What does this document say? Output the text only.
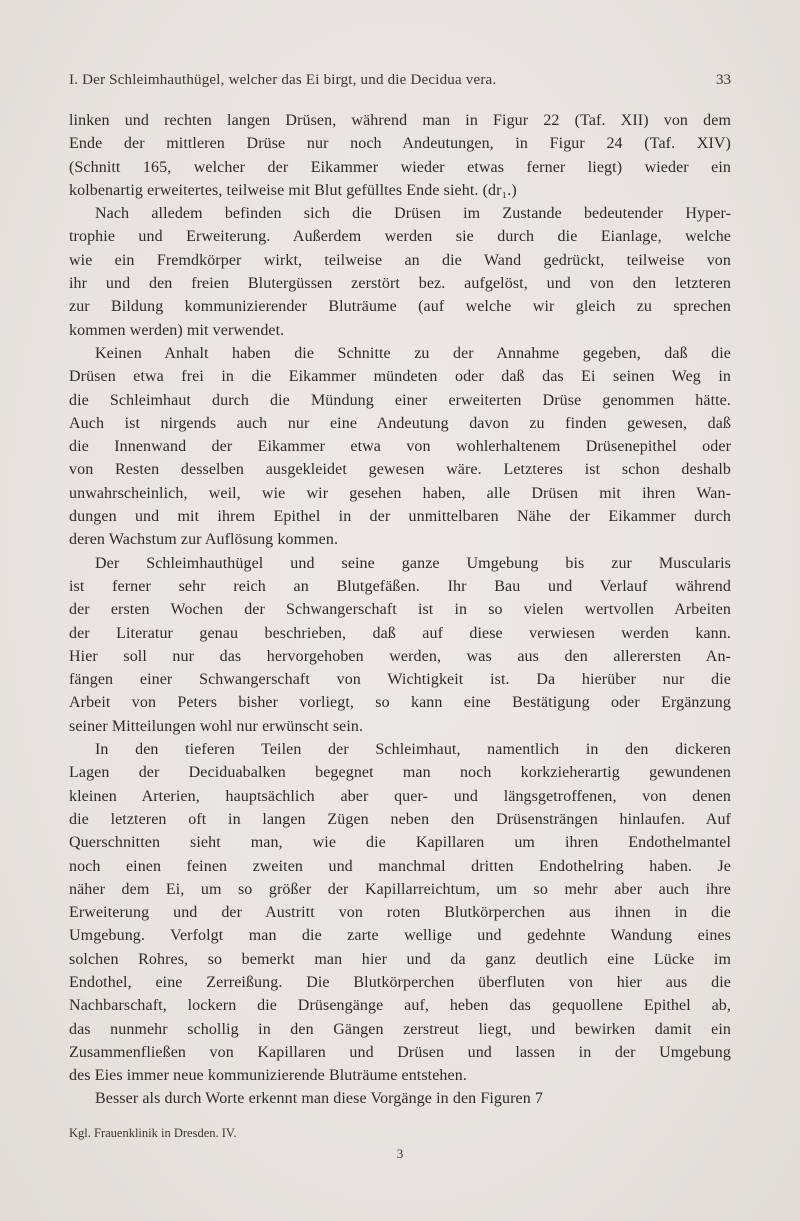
I. Der Schleimhauthügel, welcher das Ei birgt, und die Decidua vera.	33
linken und rechten langen Drüsen, während man in Figur 22 (Taf. XII) von dem
Ende der mittleren Drüse nur noch Andeutungen, in Figur 24 (Taf. XIV)
(Schnitt 165, welcher der Eikammer wieder etwas ferner liegt) wieder ein
kolbenartig erweitertes, teilweise mit Blut gefülltes Ende sieht. (dr₁.)
Nach alledem befinden sich die Drüsen im Zustande bedeutender Hyper-
trophie und Erweiterung. Außerdem werden sie durch die Eianlage, welche
wie ein Fremdkörper wirkt, teilweise an die Wand gedrückt, teilweise von
ihr und den freien Blutergüssen zerstört bez. aufgelöst, und von den letzteren
zur Bildung kommunizierender Bluträume (auf welche wir gleich zu sprechen
kommen werden) mit verwendet.
Keinen Anhalt haben die Schnitte zu der Annahme gegeben, daß die
Drüsen etwa frei in die Eikammer mündeten oder daß das Ei seinen Weg in
die Schleimhaut durch die Mündung einer erweiterten Drüse genommen hätte.
Auch ist nirgends auch nur eine Andeutung davon zu finden gewesen, daß
die Innenwand der Eikammer etwa von wohlerhaltenem Drüsenepithel oder
von Resten desselben ausgekleidet gewesen wäre. Letzteres ist schon deshalb
unwahrscheinlich, weil, wie wir gesehen haben, alle Drüsen mit ihren Wan-
dungen und mit ihrem Epithel in der unmittelbaren Nähe der Eikammer durch
deren Wachstum zur Auflösung kommen.
Der Schleimhauthügel und seine ganze Umgebung bis zur Muscularis
ist ferner sehr reich an Blutgefäßen. Ihr Bau und Verlauf während
der ersten Wochen der Schwangerschaft ist in so vielen wertvollen Arbeiten
der Literatur genau beschrieben, daß auf diese verwiesen werden kann.
Hier soll nur das hervorgehoben werden, was aus den allerersten An-
fängen einer Schwangerschaft von Wichtigkeit ist. Da hierüber nur die
Arbeit von Peters bisher vorliegt, so kann eine Bestätigung oder Ergänzung
seiner Mitteilungen wohl nur erwünscht sein.
In den tieferen Teilen der Schleimhaut, namentlich in den dickeren
Lagen der Deciduabalken begegnet man noch korkzieherartig gewundenen
kleinen Arterien, hauptsächlich aber quer- und längsgetroffenen, von denen
die letzteren oft in langen Zügen neben den Drüsensträngen hinlaufen. Auf
Querschnitten sieht man, wie die Kapillaren um ihren Endothelmantel
noch einen feinen zweiten und manchmal dritten Endothelring haben. Je
näher dem Ei, um so größer der Kapillarreichtum, um so mehr aber auch ihre
Erweiterung und der Austritt von roten Blutkörperchen aus ihnen in die
Umgebung. Verfolgt man die zarte wellige und gedehnte Wandung eines
solchen Rohres, so bemerkt man hier und da ganz deutlich eine Lücke im
Endothel, eine Zerreißung. Die Blutkörperchen überfluten von hier aus die
Nachbarschaft, lockern die Drüsengänge auf, heben das gequollene Epithel ab,
das nunmehr schollig in den Gängen zerstreut liegt, und bewirken damit ein
Zusammenfließen von Kapillaren und Drüsen und lassen in der Umgebung
des Eies immer neue kommunizierende Bluträume entstehen.
Besser als durch Worte erkennt man diese Vorgänge in den Figuren 7
Kgl. Frauenklinik in Dresden. IV.
3
